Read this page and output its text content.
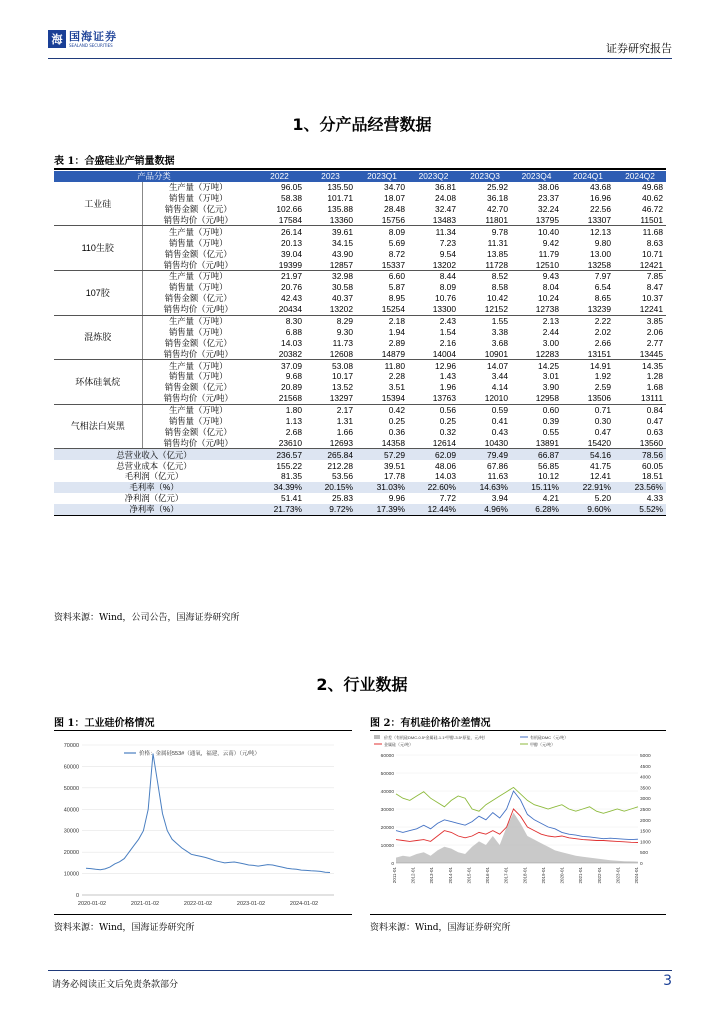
海 国海证券
SEALAND SECURITIES	证券研究报告
1、分产品经营数据
表 1：合盛硅业产销量数据
产品分类		2022	2023	2023Q1	2023Q2	2023Q3	2023Q4	2024Q1	2024Q2
工业硅	生产量（万吨）	96.05	135.50	34.70	36.81	25.92	38.06	43.68	49.68
	销售量（万吨）	58.38	101.71	18.07	24.08	36.18	23.37	16.96	40.62
	销售金额（亿元）	102.66	135.88	28.48	32.47	42.70	32.24	22.56	46.72
	销售均价（元/吨）	17584	13360	15756	13483	11801	13795	13307	11501
110生胶	生产量（万吨）	26.14	39.61	8.09	11.34	9.78	10.40	12.13	11.68
	销售量（万吨）	20.13	34.15	5.69	7.23	11.31	9.42	9.80	8.63
	销售金额（亿元）	39.04	43.90	8.72	9.54	13.85	11.79	13.00	10.71
	销售均价（元/吨）	19399	12857	15337	13202	11728	12510	13258	12421
107胶	生产量（万吨）	21.97	32.98	6.60	8.44	8.52	9.43	7.97	7.85
	销售量（万吨）	20.76	30.58	5.87	8.09	8.58	8.04	6.54	8.47
	销售金额（亿元）	42.43	40.37	8.95	10.76	10.42	10.24	8.65	10.37
	销售均价（元/吨）	20434	13202	15254	13300	12152	12738	13239	12241
混炼胶	生产量（万吨）	8.30	8.29	2.18	2.43	1.55	2.13	2.22	3.85
	销售量（万吨）	6.88	9.30	1.94	1.54	3.38	2.44	2.02	2.06
	销售金额（亿元）	14.03	11.73	2.89	2.16	3.68	3.00	2.66	2.77
	销售均价（元/吨）	20382	12608	14879	14004	10901	12283	13151	13445
环体硅氧烷	生产量（万吨）	37.09	53.08	11.80	12.96	14.07	14.25	14.91	14.35
	销售量（万吨）	9.68	10.17	2.28	1.43	3.44	3.01	1.92	1.28
	销售金额（亿元）	20.89	13.52	3.51	1.96	4.14	3.90	2.59	1.68
	销售均价（元/吨）	21568	13297	15394	13763	12010	12958	13506	13111
气相法白炭黑	生产量（万吨）	1.80	2.17	0.42	0.56	0.59	0.60	0.71	0.84
	销售量（万吨）	1.13	1.31	0.25	0.25	0.41	0.39	0.30	0.47
	销售金额（亿元）	2.68	1.66	0.36	0.32	0.43	0.55	0.47	0.63
	销售均价（元/吨）	23610	12693	14358	12614	10430	13891	15420	13560
总营业收入（亿元）		236.57	265.84	57.29	62.09	79.49	66.87	54.16	78.56
总营业成本（亿元）		155.22	212.28	39.51	48.06	67.86	56.85	41.75	60.05
毛利润（亿元）		81.35	53.56	17.78	14.03	11.63	10.12	12.41	18.51
毛利率（%）		34.39%	20.15%	31.03%	22.60%	14.63%	15.11%	22.91%	23.56%
净利润（亿元）		51.41	25.83	9.96	7.72	3.94	4.21	5.20	4.33
净利率（%）		21.73%	9.72%	17.39%	12.44%	4.96%	6.28%	9.60%	5.52%
资料来源：Wind，公司公告，国海证券研究所
2、行业数据
图 1：工业硅价格情况
0
10000
20000
30000
40000
50000
60000
70000
价格：金属硅553#（通氧，福建，云南）（元/吨）
2020-01-02	2021-01-02	2022-01-02	2023-01-02	2024-01-02
资料来源：Wind，国海证券研究所
图 2：有机硅价格价差情况
0
10000
20000
30000
40000
50000
60000
0
500
1000
1500
2000
2500
3000
3500
4000
4500
5000
价差（有机硅DMC-0.5*金属硅-1.1*甲醇-3.5*原盐，元/吨）	有机硅DMC（元/吨）
金属硅（元/吨）	甲醇（元/吨）
2011-01	2012-01	2013-01	2014-01	2015-01	2016-01	2017-01	2018-01	2019-01	2020-01	2021-01	2022-01	2023-01	2024-01
资料来源：Wind，国海证券研究所
请务必阅读正文后免责条款部分	3
